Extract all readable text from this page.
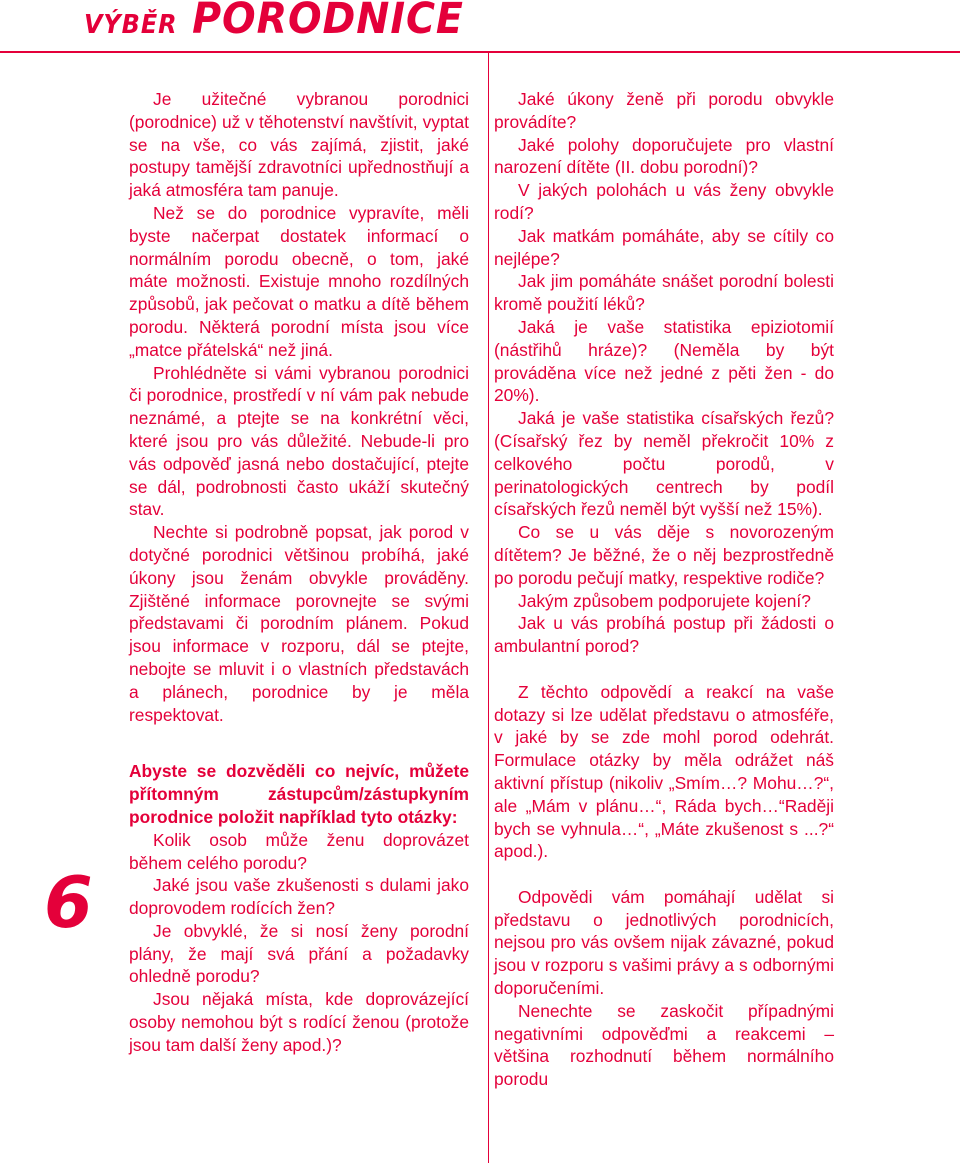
VÝBĚR PORODNICE
6

Je užitečné vybranou porodnici (porodnice) už v těhotenství navštívit, vyptat se na vše, co vás zajímá, zjistit, jaké postupy tamější zdravotníci upřednostňují a jaká atmosféra tam panuje.

Než se do porodnice vypravíte, měli byste načerpat dostatek informací o normálním porodu obecně, o tom, jaké máte možnosti. Existuje mnoho rozdílných způsobů, jak pečovat o matku a dítě během porodu. Některá porodní místa jsou více „matce přátelská“ než jiná.

Prohlédněte si vámi vybranou porodnici či porodnice, prostředí v ní vám pak nebude neznámé, a ptejte se na konkrétní věci, které jsou pro vás důležité. Nebude-li pro vás odpověď jasná nebo dostačující, ptejte se dál, podrobnosti často ukáží skutečný stav.

Nechte si podrobně popsat, jak porod v dotyčné porodnici většinou probíhá, jaké úkony jsou ženám obvykle prováděny. Zjištěné informace porovnejte se svými představami či porodním plánem. Pokud jsou informace v rozporu, dál se ptejte, nebojte se mluvit i o vlastních představách a plánech, porodnice by je měla respektovat.

Abyste se dozvěděli co nejvíc, můžete přítomným zástupcům/zástupkyním porodnice položit například tyto otázky:

Kolik osob může ženu doprovázet během celého porodu?

Jaké jsou vaše zkušenosti s dulami jako doprovodem rodících žen?

Je obvyklé, že si nosí ženy porodní plány, že mají svá přání a požadavky ohledně porodu?

Jsou nějaká místa, kde doprovázející osoby nemohou být s rodící ženou (protože jsou tam další ženy apod.)?

Jaké úkony ženě při porodu obvykle provádíte?

Jaké polohy doporučujete pro vlastní narození dítěte (II. dobu porodní)?

V jakých polohách u vás ženy obvykle rodí?

Jak matkám pomáháte, aby se cítily co nejlépe?

Jak jim pomáháte snášet porodní bolesti kromě použití léků?

Jaká je vaše statistika epiziotomií (nástřihů hráze)? (Neměla by být prováděna více než jedné z pěti žen - do 20%).

Jaká je vaše statistika císařských řezů? (Císařský řez by neměl překročit 10% z celkového počtu porodů, v perinatologických centrech by podíl císařských řezů neměl být vyšší než 15%).

Co se u vás děje s novorozeným dítětem? Je běžné, že o něj bezprostředně po porodu pečují matky, respektive rodiče?

Jakým způsobem podporujete kojení?

Jak u vás probíhá postup při žádosti o ambulantní porod?

Z těchto odpovědí a reakcí na vaše dotazy si lze udělat představu o atmosféře, v jaké by se zde mohl porod odehrát. Formulace otázky by měla odrážet náš aktivní přístup (nikoliv „Smím…? Mohu…?“, ale „Mám v plánu…“, Ráda bych…“Raději bych se vyhnula…“, „Máte zkušenost s ...?“ apod.).

Odpovědi vám pomáhají udělat si představu o jednotlivých porodnicích, nejsou pro vás ovšem nijak závazné, pokud jsou v rozporu s vašimi právy a s odbornými doporučeními.

Nenechte se zaskočit případnými negativními odpověďmi a reakcemi – většina rozhodnutí během normálního porodu
